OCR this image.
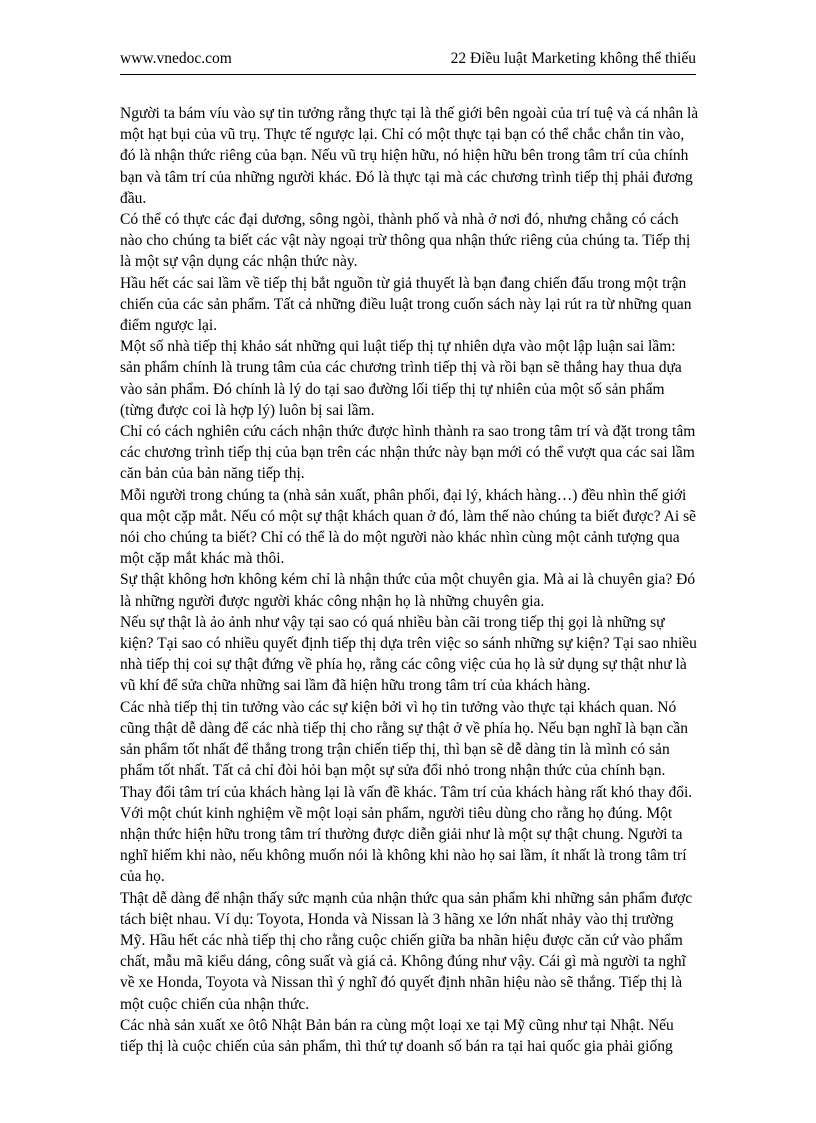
www.vnedoc.com	22 Điều luật Marketing không thể thiếu

Người ta bám víu vào sự tin tưởng rằng thực tại là thế giới bên ngoài của trí tuệ và cá nhân là một hạt bụi của vũ trụ. Thực tế ngược lại. Chỉ có một thực tại bạn có thể chắc chắn tin vào, đó là nhận thức riêng của bạn. Nếu vũ trụ hiện hữu, nó hiện hữu bên trong tâm trí của chính bạn và tâm trí của những người khác. Đó là thực tại mà các chương trình tiếp thị phải đương đầu.

Có thể có thực các đại dương, sông ngòi, thành phố và nhà ở nơi đó, nhưng chẳng có cách nào cho chúng ta biết các vật này ngoại trừ thông qua nhận thức riêng của chúng ta. Tiếp thị là một sự vận dụng các nhận thức này.

Hầu hết các sai lầm về tiếp thị bắt nguồn từ giả thuyết là bạn đang chiến đấu trong một trận chiến của các sản phẩm. Tất cả những điều luật trong cuốn sách này lại rút ra từ những quan điểm ngược lại.

Một số nhà tiếp thị khảo sát những qui luật tiếp thị tự nhiên dựa vào một lập luận sai lầm: sản phẩm chính là trung tâm của các chương trình tiếp thị và rồi bạn sẽ thắng hay thua dựa vào sản phẩm. Đó chính là lý do tại sao đường lối tiếp thị tự nhiên của một số sản phẩm (từng được coi là hợp lý) luôn bị sai lầm.

Chỉ có cách nghiên cứu cách nhận thức được hình thành ra sao trong tâm trí và đặt trong tâm các chương trình tiếp thị của bạn trên các nhận thức này bạn mới có thể vượt qua các sai lầm căn bản của bản năng tiếp thị.

Mỗi người trong chúng ta (nhà sản xuất, phân phối, đại lý, khách hàng…) đều nhìn thế giới qua một cặp mắt. Nếu có một sự thật khách quan ở đó, làm thế nào chúng ta biết được? Ai sẽ nói cho chúng ta biết? Chỉ có thể là do một người nào khác nhìn cùng một cảnh tượng qua một cặp mắt khác mà thôi.

Sự thật không hơn không kém chỉ là nhận thức của một chuyên gia. Mà ai là chuyên gia? Đó là những người được người khác công nhận họ là những chuyên gia.

Nếu sự thật là ảo ảnh như vậy tại sao có quá nhiều bàn cãi trong tiếp thị gọi là những sự kiện? Tại sao có nhiều quyết định tiếp thị dựa trên việc so sánh những sự kiện? Tại sao nhiều nhà tiếp thị coi sự thật đứng về phía họ, rằng các công việc của họ là sử dụng sự thật như là vũ khí để sửa chữa những sai lầm đã hiện hữu trong tâm trí của khách hàng.

Các nhà tiếp thị tin tưởng vào các sự kiện bởi vì họ tin tưởng vào thực tại khách quan. Nó cũng thật dễ dàng để các nhà tiếp thị cho rằng sự thật ở về phía họ. Nếu bạn nghĩ là bạn cần sản phẩm tốt nhất để thắng trong trận chiến tiếp thị, thì bạn sẽ dễ dàng tin là mình có sản phẩm tốt nhất. Tất cả chỉ đòi hỏi bạn một sự sửa đổi nhỏ trong nhận thức của chính bạn.

Thay đổi tâm trí của khách hàng lại là vấn đề khác. Tâm trí của khách hàng rất khó thay đổi. Với một chút kinh nghiệm về một loại sản phẩm, người tiêu dùng cho rằng họ đúng. Một nhận thức hiện hữu trong tâm trí thường được diễn giải như là một sự thật chung. Người ta nghĩ hiếm khi nào, nếu không muốn nói là không khi nào họ sai lầm, ít nhất là trong tâm trí của họ.

Thật dễ dàng để nhận thấy sức mạnh của nhận thức qua sản phẩm khi những sản phẩm được tách biệt nhau. Ví dụ: Toyota, Honda và Nissan là 3 hãng xe lớn nhất nhảy vào thị trường Mỹ. Hầu hết các nhà tiếp thị cho rằng cuộc chiến giữa ba nhãn hiệu được căn cứ vào phẩm chất, mẫu mã kiểu dáng, công suất và giá cả. Không đúng như vậy. Cái gì mà người ta nghĩ về xe Honda, Toyota và Nissan thì ý nghĩ đó quyết định nhãn hiệu nào sẽ thắng. Tiếp thị là một cuộc chiến của nhận thức.

Các nhà sản xuất xe ôtô Nhật Bản bán ra cùng một loại xe tại Mỹ cũng như tại Nhật. Nếu tiếp thị là cuộc chiến của sản phẩm, thì thứ tự doanh số bán ra tại hai quốc gia phải giống
